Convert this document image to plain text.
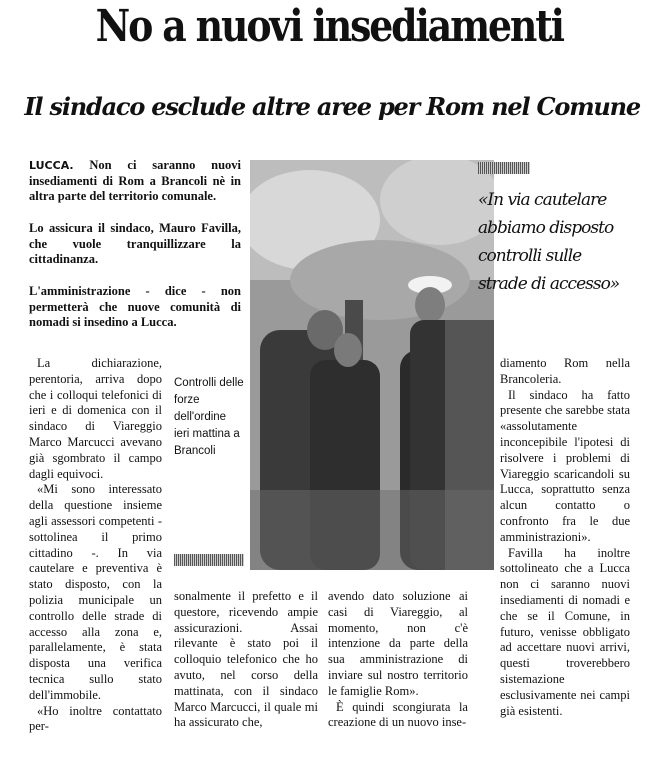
No a nuovi insediamenti
Il sindaco esclude altre aree per Rom nel Comune

LUCCA. Non ci saranno nuovi insediamenti di Rom a Brancoli nè in altra parte del territorio comunale.

Lo assicura il sindaco, Mauro Favilla, che vuole tranquillizzare la cittadinanza.

L'amministrazione - dice - non permetterà che nuove comunità di nomadi si insedino a Lucca.

Controlli delle forze dell'ordine ieri mattina a Brancoli

«In via cautelare abbiamo disposto controlli sulle strade di accesso»

La dichiarazione, perentoria, arriva dopo che i colloqui telefonici di ieri e di domenica con il sindaco di Viareggio Marco Marcucci avevano già sgombrato il campo dagli equivoci.

«Mi sono interessato della questione insieme agli assessori competenti - sottolinea il primo cittadino -. In via cautelare e preventiva è stato disposto, con la polizia municipale un controllo delle strade di accesso alla zona e, parallelamente, è stata disposta una verifica tecnica sullo stato dell'immobile.

«Ho inoltre contattato per-

sonalmente il prefetto e il questore, ricevendo ampie assicurazioni. Assai rilevante è stato poi il colloquio telefonico che ho avuto, nel corso della mattinata, con il sindaco Marco Marcucci, il quale mi ha assicurato che,

avendo dato soluzione ai casi di Viareggio, al momento, non c'è intenzione da parte della sua amministrazione di inviare sul nostro territorio le famiglie Rom».

È quindi scongiurata la creazione di un nuovo inse-

diamento Rom nella Brancoleria.

Il sindaco ha fatto presente che sarebbe stata «assolutamente inconcepibile l'ipotesi di risolvere i problemi di Viareggio scaricandoli su Lucca, soprattutto senza alcun contatto o confronto fra le due amministrazioni».

Favilla ha inoltre sottolineato che a Lucca non ci saranno nuovi insediamenti di nomadi e che se il Comune, in futuro, venisse obbligato ad accettare nuovi arrivi, questi troverebbero sistemazione esclusivamente nei campi già esistenti.
